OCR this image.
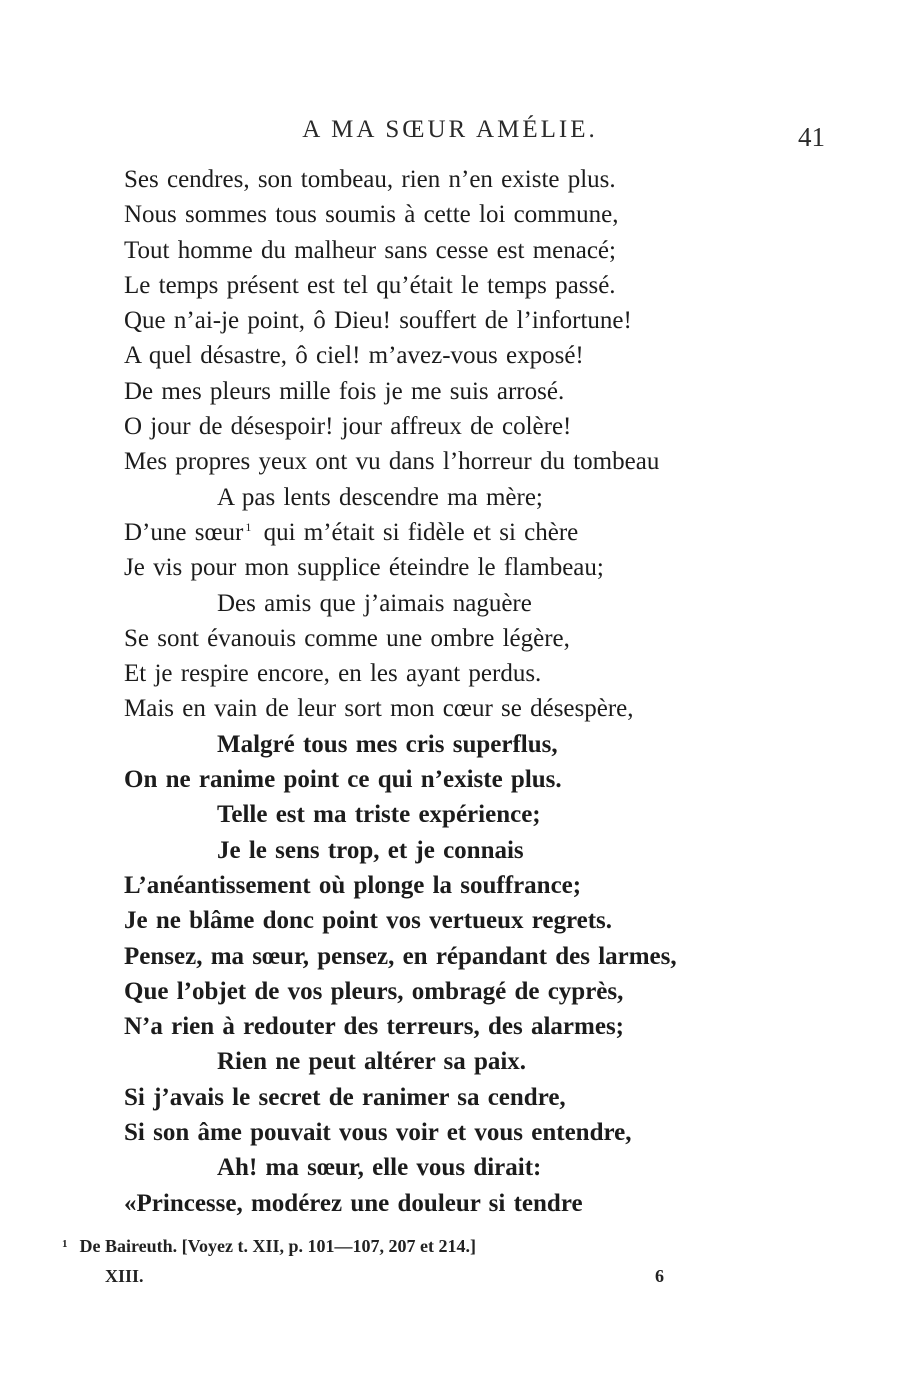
A MA SŒUR AMÉLIE.	41
Ses cendres, son tombeau, rien n’en existe plus.
Nous sommes tous soumis à cette loi commune,
Tout homme du malheur sans cesse est menacé;
Le temps présent est tel qu’était le temps passé.
Que n’ai-je point, ô Dieu! souffert de l’infortune!
A quel désastre, ô ciel! m’avez-vous exposé!
De mes pleurs mille fois je me suis arrosé.
O jour de désespoir! jour affreux de colère!
Mes propres yeux ont vu dans l’horreur du tombeau
A pas lents descendre ma mère;
D’une sœur $^1$ qui m’était si fidèle et si chère
Je vis pour mon supplice éteindre le flambeau;
Des amis que j’aimais naguère
Se sont évanouis comme une ombre légère,
Et je respire encore, en les ayant perdus.
Mais en vain de leur sort mon cœur se désespère,
Malgré tous mes cris superflus,
On ne ranime point ce qui n’existe plus.
Telle est ma triste expérience;
Je le sens trop, et je connais
L’anéantissement où plonge la souffrance;
Je ne blâme donc point vos vertueux regrets.
Pensez, ma sœur, pensez, en répandant des larmes,
Que l’objet de vos pleurs, ombragé de cyprès,
N’a rien à redouter des terreurs, des alarmes;
Rien ne peut altérer sa paix.
Si j’avais le secret de ranimer sa cendre,
Si son âme pouvait vous voir et vous entendre,
Ah! ma sœur, elle vous dirait:
«Princesse, modérez une douleur si tendre
$^1$ De Baireuth. [Voyez t. XII, p. 101—107, 207 et 214.]
XIII.	6
